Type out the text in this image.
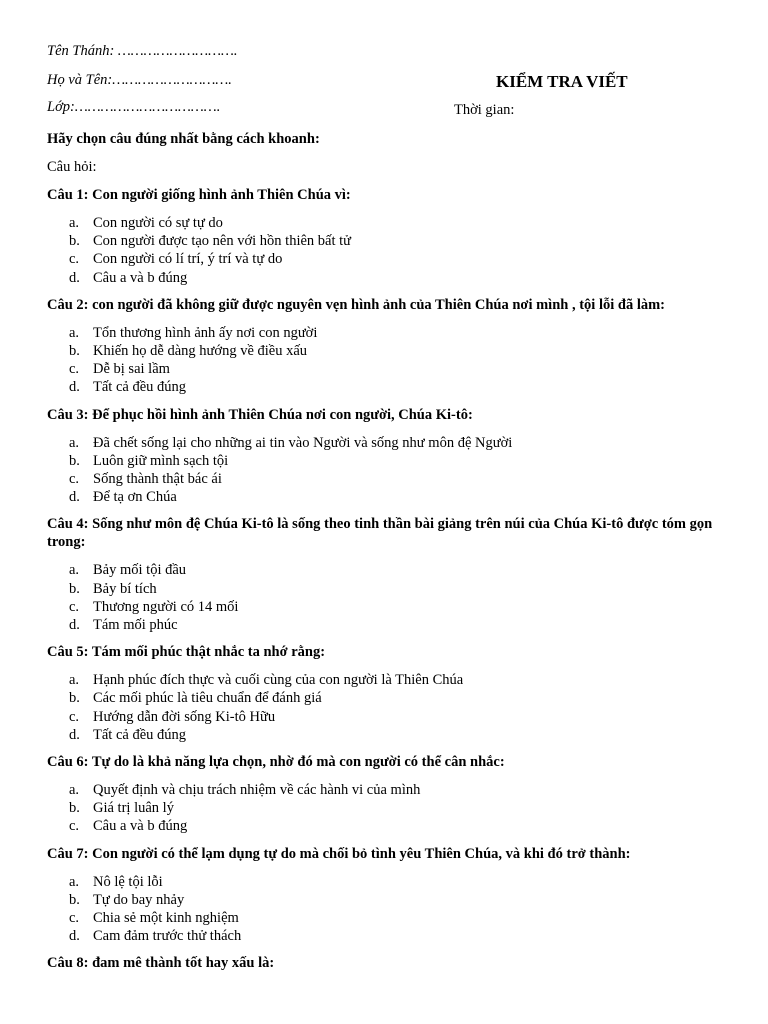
Tên Thánh: ……………………….
Họ và Tên:……………………….
Lớp:…………………………….
KIỂM TRA VIẾT
Thời gian:

Hãy chọn câu đúng nhất bằng cách khoanh:

Câu hỏi:

Câu 1: Con người giống hình ảnh Thiên Chúa vì:

a. Con người có sự tự do
b. Con người được tạo nên với hồn thiên bất tử
c. Con người có lí trí, ý trí và tự do
d. Câu a và b đúng

Câu 2: con người đã không giữ được nguyên vẹn hình ảnh của Thiên Chúa nơi mình , tội lỗi đã làm:

a. Tổn thương hình ảnh ấy nơi con người
b. Khiến họ dễ dàng hướng về điều xấu
c. Dễ bị sai lầm
d. Tất cả đều đúng

Câu 3: Để phục hồi hình ảnh Thiên Chúa nơi con người, Chúa Ki-tô:

a. Đã chết sống lại cho những ai tin vào Người và sống như môn đệ Người
b. Luôn giữ mình sạch tội
c. Sống thành thật bác ái
d. Để tạ ơn Chúa

Câu 4: Sống như môn đệ Chúa Ki-tô là sống theo tinh thần bài giảng trên núi của Chúa Ki-tô được tóm gọn trong:

a. Bảy mối tội đầu
b. Bảy bí tích
c. Thương người có 14 mối
d. Tám mối phúc

Câu 5: Tám mối phúc thật nhắc ta nhớ rằng:

a. Hạnh phúc đích thực và cuối cùng của con người là Thiên Chúa
b. Các mối phúc là tiêu chuẩn để đánh giá
c. Hướng dẫn đời sống Ki-tô Hữu
d. Tất cả đều đúng

Câu 6: Tự do là khả năng lựa chọn, nhờ đó mà con người có thể cân nhắc:

a. Quyết định và chịu trách nhiệm về các hành vi của mình
b. Giá trị luân lý
c. Câu a và b đúng

Câu 7: Con người có thể lạm dụng tự do mà chối bỏ tình yêu Thiên Chúa, và khi đó trở thành:

a. Nô lệ tội lỗi
b. Tự do bay nhảy
c. Chia sẻ một kinh nghiệm
d. Cam đảm trước thử thách

Câu 8: đam mê thành tốt hay xấu là:
